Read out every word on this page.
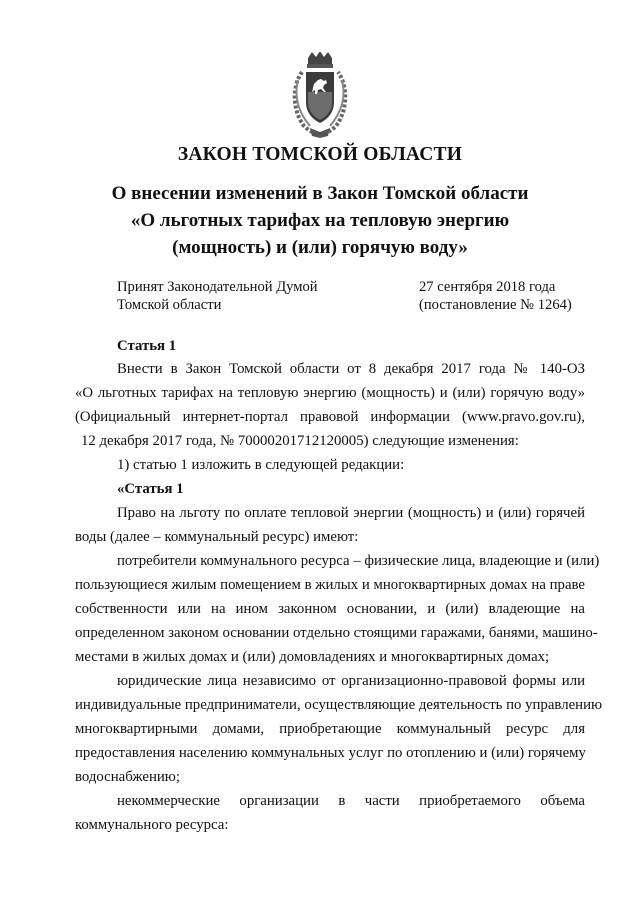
ЗАКОН ТОМСКОЙ ОБЛАСТИ
О внесении изменений в Закон Томской области
«О льготных тарифах на тепловую энергию
(мощность) и (или) горячую воду»
Принят Законодательной Думой
Томской области
27 сентября 2018 года
(постановление № 1264)
Статья 1
Внести в Закон Томской области от 8 декабря 2017 года № 140-ОЗ
«О льготных тарифах на тепловую энергию (мощность) и (или) горячую воду»
(Официальный интернет-портал правовой информации (www.pravo.gov.ru),
12 декабря 2017 года, № 70000201712120005) следующие изменения:
1) статью 1 изложить в следующей редакции:
«Статья 1
Право на льготу по оплате тепловой энергии (мощность) и (или) горячей
воды (далее – коммунальный ресурс) имеют:
потребители коммунального ресурса – физические лица, владеющие и (или)
пользующиеся жилым помещением в жилых и многоквартирных домах на праве
собственности или на ином законном основании, и (или) владеющие на
определенном законом основании отдельно стоящими гаражами, банями, машино-
местами в жилых домах и (или) домовладениях и многоквартирных домах;
юридические лица независимо от организационно-правовой формы или
индивидуальные предприниматели, осуществляющие деятельность по управлению
многоквартирными домами, приобретающие коммунальный ресурс для
предоставления населению коммунальных услуг по отоплению и (или) горячему
водоснабжению;
некоммерческие организации в части приобретаемого объема
коммунального ресурса:
